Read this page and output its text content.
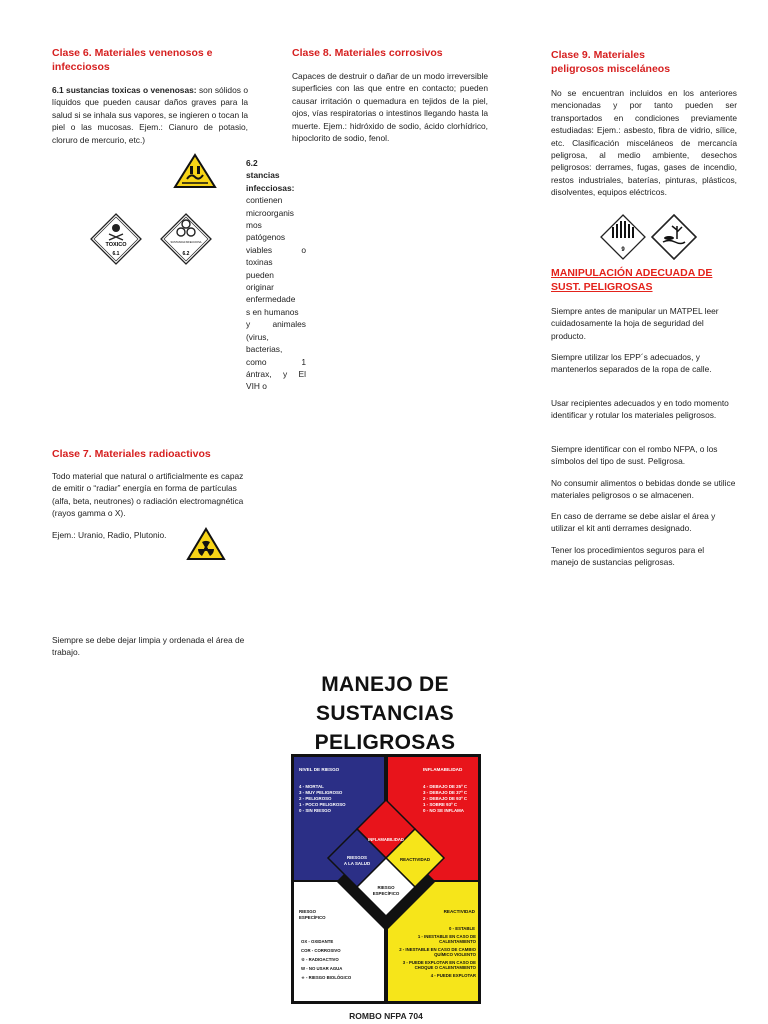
Clase 6. Materiales venenosos e
infecciosos

6.1 sustancias toxicas o venenosas: son sólidos o líquidos que pueden causar daños graves para la salud si se inhala sus vapores, se ingieren o tocan la piel o las mucosas. Ejem.: Cianuro de potasio, cloruro de mercurio, etc.)

TOXICO
6.1
SUSTANCIA INFECCIOSA
6.2
6.2
stancias
infecciosas:
contienen
microorganis
mos
patógenos
viables o
toxinas
pueden
originar
enfermedade
s en humanos
y animales
(virus,
bacterias,
como 1
ántrax, y El
VIH o
Clase 7. Materiales radioactivos

Todo material que natural o artificialmente es capaz de emitir o “radiar” energía en forma de partículas (alfa, beta, neutrones) o radiación electromagnética (rayos gamma o X).

Ejem.: Uranio, Radio, Plutonio.

Siempre se debe dejar limpia y ordenada el área de trabajo.

Clase 8. Materiales corrosivos

Capaces de destruir o dañar de un modo irreversible superficies con las que entre en contacto; pueden causar irritación o quemadura en tejidos de la piel, ojos, vías respiratorias o intestinos llegando hasta la muerte. Ejem.: hidróxido de sodio, ácido clorhídrico, hipoclorito de sodio, fenol.

Clase 9. Materiales
peligrosos misceláneos

No se encuentran incluidos en los anteriores mencionadas y por tanto pueden ser transportados en condiciones previamente estudiadas: Ejem.: asbesto, fibra de vidrio, sílice, etc. Clasificación misceláneos de mercancía peligrosa, al medio ambiente, desechos peligrosos: derrames, fugas, gases de incendio, restos industriales, baterías, pinturas, plásticos, disolventes, equipos eléctricos.

9
MANIPULACIÓN ADECUADA DE
SUST. PELIGROSAS

Siempre antes de manipular un MATPEL leer cuidadosamente la hoja de seguridad del producto.

Siempre utilizar los EPP´s adecuados, y mantenerlos separados de la ropa de calle.

Usar recipientes adecuados y en todo momento identificar y rotular los materiales peligrosos.

Siempre identificar con el rombo NFPA, o los símbolos del tipo de sust. Peligrosa.

No consumir alimentos o bebidas donde se utilice materiales peligrosos o se almacenen.

En caso de derrame se debe aislar el área y utilizar el kit anti derrames designado.

Tener los procedimientos seguros para el manejo de sustancias peligrosas.

MANEJO DE
SUSTANCIAS
PELIGROSAS
NIVEL DE RIESGO
4 - MORTAL
3 - MUY PELIGROSO
2 - PELIGROSO
1 - POCO PELIGROSO
0 - SIN RIESGO
INFLAMABILIDAD
4 - DEBAJO DE 25º C
3 - DEBAJO DE 37º C
2 - DEBAJO DE 93º C
1 - SOBRE 93º C
0 - NO SE INFLAMA
INFLAMABILIDAD
RIESGOS
A LA SALUD
REACTIVIDAD
RIESGO
ESPECÍFICO
RIESGO
ESPECÍFICO
OX - OXIDANTE
COR - CORROSIVO
☢ - RADIOACTIVO
W - NO USAR AGUA
☣ - RIESGO BIOLÓGICO
REACTIVIDAD
0 - ESTABLE
1 - INESTABLE EN CASO DE CALENTAMIENTO
2 - INESTABLE EN CASO DE CAMBIO QUÍMICO VIOLENTO
3 - PUEDE EXPLOTAR EN CASO DE CHOQUE O CALENTAMIENTO
4 - PUEDE EXPLOTAR
ROMBO NFPA 704
